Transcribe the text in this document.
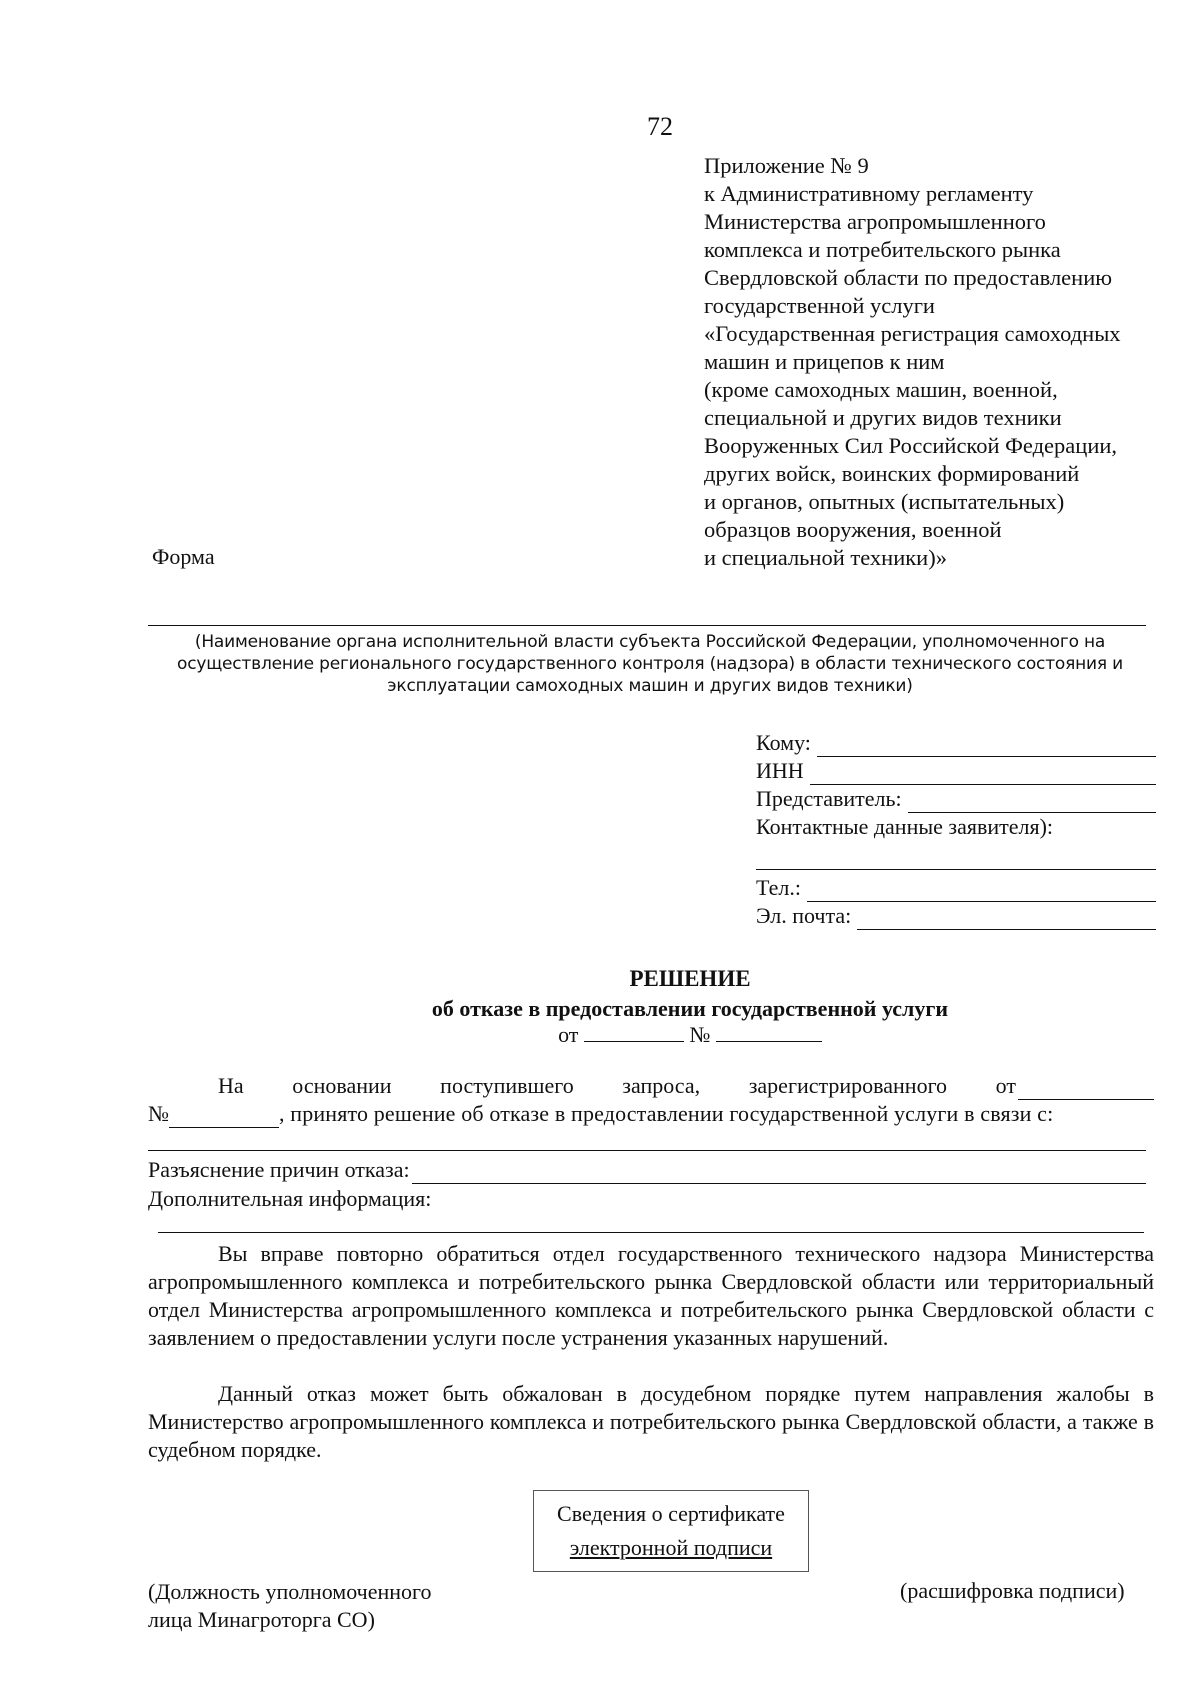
72
Приложение № 9
к Административному регламенту
Министерства агропромышленного
комплекса и потребительского рынка
Свердловской области по предоставлению
государственной услуги
«Государственная регистрация самоходных
машин и прицепов к ним
(кроме самоходных машин, военной,
специальной и других видов техники
Вооруженных Сил Российской Федерации,
других войск, воинских формирований
и органов, опытных (испытательных)
образцов вооружения, военной
и специальной техники)»
Форма
(Наименование органа исполнительной власти субъекта Российской Федерации, уполномоченного на осуществление регионального государственного контроля (надзора) в области технического состояния и эксплуатации самоходных машин и других видов техники)
Кому:
ИНН
Представитель:
Контактные данные заявителя):
Тел.:
Эл. почта:
РЕШЕНИЕ
об отказе в предоставлении государственной услуги
от	№
На основании поступившего запроса, зарегистрированного от
№	, принято решение об отказе в предоставлении государственной услуги в связи с:
Разъяснение причин отказа:
Дополнительная информация:

Вы вправе повторно обратиться отдел государственного технического надзора Министерства агропромышленного комплекса и потребительского рынка Свердловской области или территориальный отдел Министерства агропромышленного комплекса и потребительского рынка Свердловской области с заявлением о предоставлении услуги после устранения указанных нарушений.

Данный отказ может быть обжалован в досудебном порядке путем направления жалобы в Министерство агропромышленного комплекса и потребительского рынка Свердловской области, а также в судебном порядке.

(Должность уполномоченного
лица Минагроторга СО)
Сведения о сертификате
электронной подписи
(расшифровка подписи)
